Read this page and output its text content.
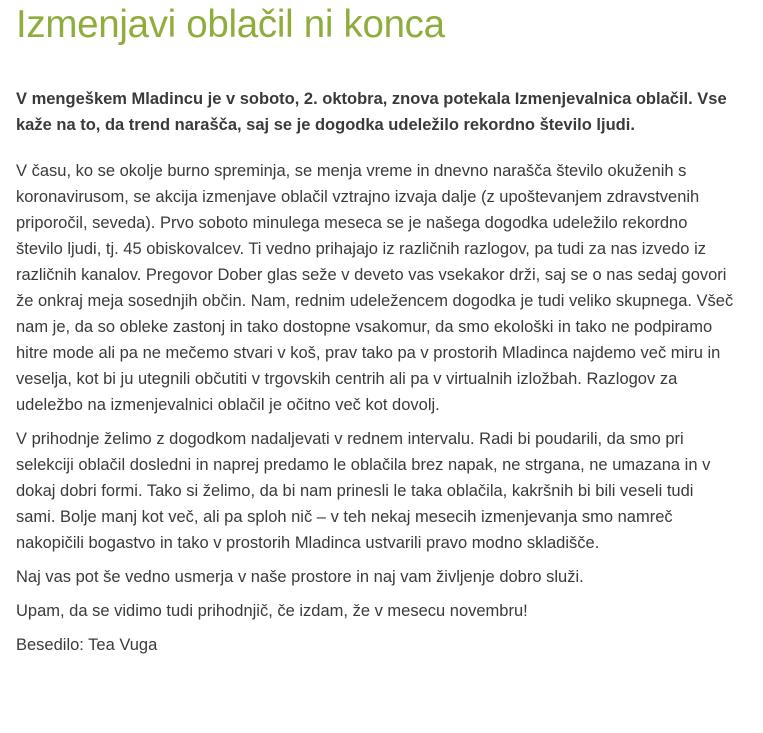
Izmenjavi oblačil ni konca

V mengeškem Mladincu je v soboto, 2. oktobra, znova potekala Izmenjevalnica oblačil. Vse kaže na to, da trend narašča, saj se je dogodka udeležilo rekordno število ljudi.

V času, ko se okolje burno spreminja, se menja vreme in dnevno narašča število okuženih s koronavirusom, se akcija izmenjave oblačil vztrajno izvaja dalje (z upoštevanjem zdravstvenih priporočil, seveda). Prvo soboto minulega meseca se je našega dogodka udeležilo rekordno število ljudi, tj. 45 obiskovalcev. Ti vedno prihajajo iz različnih razlogov, pa tudi za nas izvedo iz različnih kanalov. Pregovor Dober glas seže v deveto vas vsekakor drži, saj se o nas sedaj govori že onkraj meja sosednjih občin. Nam, rednim udeležencem dogodka je tudi veliko skupnega. Všeč nam je, da so obleke zastonj in tako dostopne vsakomur, da smo ekološki in tako ne podpiramo hitre mode ali pa ne mečemo stvari v koš, prav tako pa v prostorih Mladinca najdemo več miru in veselja, kot bi ju utegnili občutiti v trgovskih centrih ali pa v virtualnih izložbah. Razlogov za udeležbo na izmenjevalnici oblačil je očitno več kot dovolj.

V prihodnje želimo z dogodkom nadaljevati v rednem intervalu. Radi bi poudarili, da smo pri selekciji oblačil dosledni in naprej predamo le oblačila brez napak, ne strgana, ne umazana in v dokaj dobri formi. Tako si želimo, da bi nam prinesli le taka oblačila, kakršnih bi bili veseli tudi sami. Bolje manj kot več, ali pa sploh nič – v teh nekaj mesecih izmenjevanja smo namreč nakopičili bogastvo in tako v prostorih Mladinca ustvarili pravo modno skladišče.

Naj vas pot še vedno usmerja v naše prostore in naj vam življenje dobro služi.

Upam, da se vidimo tudi prihodnjič, če izdam, že v mesecu novembru!

Besedilo: Tea Vuga
